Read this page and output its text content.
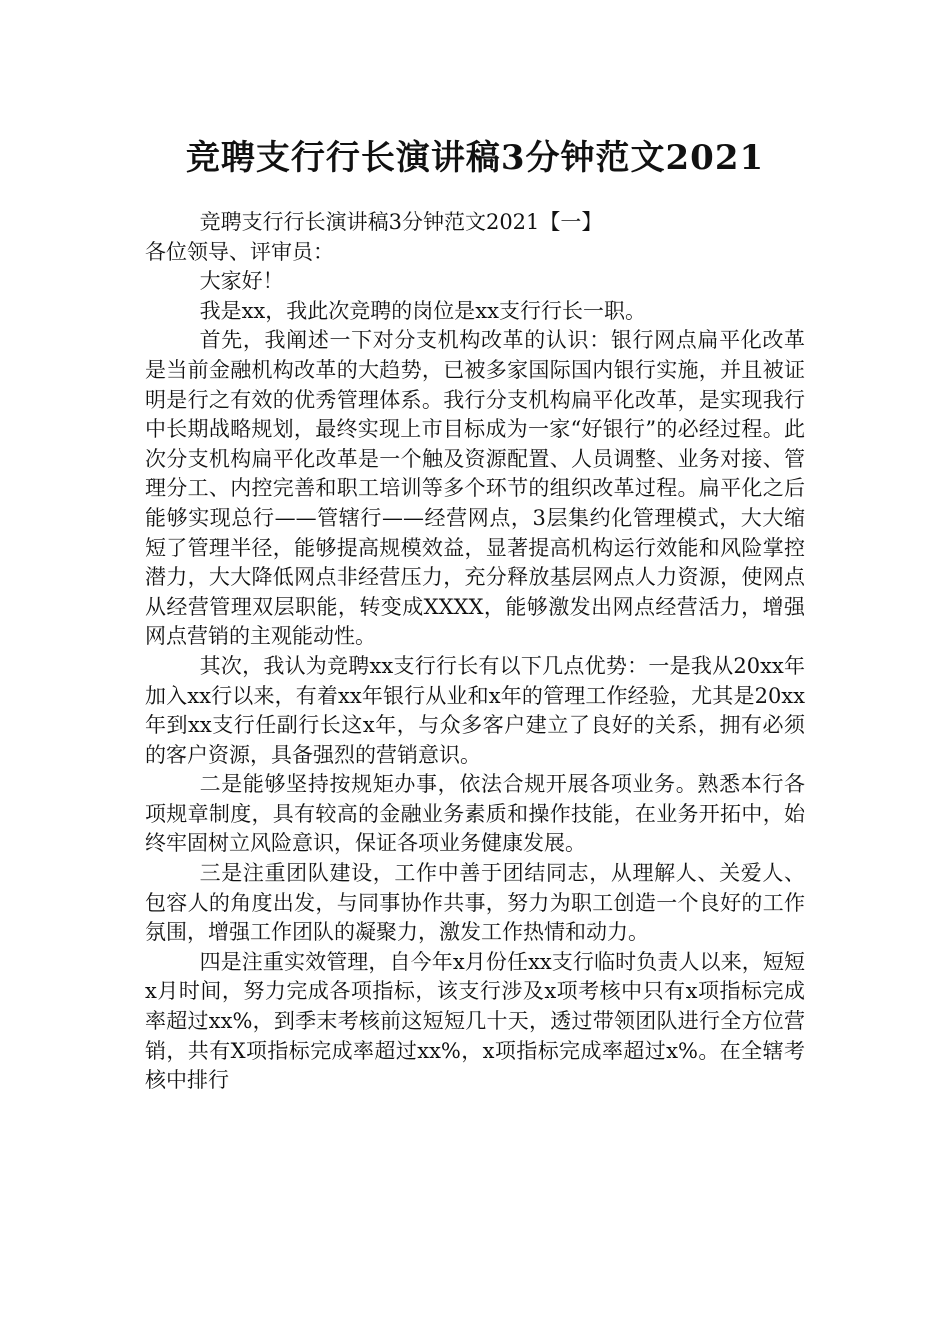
竞聘支行行长演讲稿3分钟范文2021

竞聘支行行长演讲稿3分钟范文2021【一】

各位领导、评审员：

大家好！

我是xx，我此次竞聘的岗位是xx支行行长一职。

首先，我阐述一下对分支机构改革的认识：银行网点扁平化改革是当前金融机构改革的大趋势，已被多家国际国内银行实施，并且被证明是行之有效的优秀管理体系。我行分支机构扁平化改革，是实现我行中长期战略规划，最终实现上市目标成为一家“好银行”的必经过程。此次分支机构扁平化改革是一个触及资源配置、人员调整、业务对接、管理分工、内控完善和职工培训等多个环节的组织改革过程。扁平化之后能够实现总行——管辖行——经营网点，3层集约化管理模式，大大缩短了管理半径，能够提高规模效益，显著提高机构运行效能和风险掌控潜力，大大降低网点非经营压力，充分释放基层网点人力资源，使网点从经营管理双层职能，转变成XXXX，能够激发出网点经营活力，增强网点营销的主观能动性。

其次，我认为竞聘xx支行行长有以下几点优势：一是我从20xx年加入xx行以来，有着xx年银行从业和x年的管理工作经验，尤其是20xx年到xx支行任副行长这x年，与众多客户建立了良好的关系，拥有必须的客户资源，具备强烈的营销意识。

二是能够坚持按规矩办事，依法合规开展各项业务。熟悉本行各项规章制度，具有较高的金融业务素质和操作技能，在业务开拓中，始终牢固树立风险意识，保证各项业务健康发展。

三是注重团队建设，工作中善于团结同志，从理解人、关爱人、包容人的角度出发，与同事协作共事，努力为职工创造一个良好的工作氛围，增强工作团队的凝聚力，激发工作热情和动力。

四是注重实效管理，自今年x月份任xx支行临时负责人以来，短短x月时间，努力完成各项指标，该支行涉及x项考核中只有x项指标完成率超过xx%，到季末考核前这短短几十天，透过带领团队进行全方位营销，共有X项指标完成率超过xx%，x项指标完成率超过x%。在全辖考核中排行
